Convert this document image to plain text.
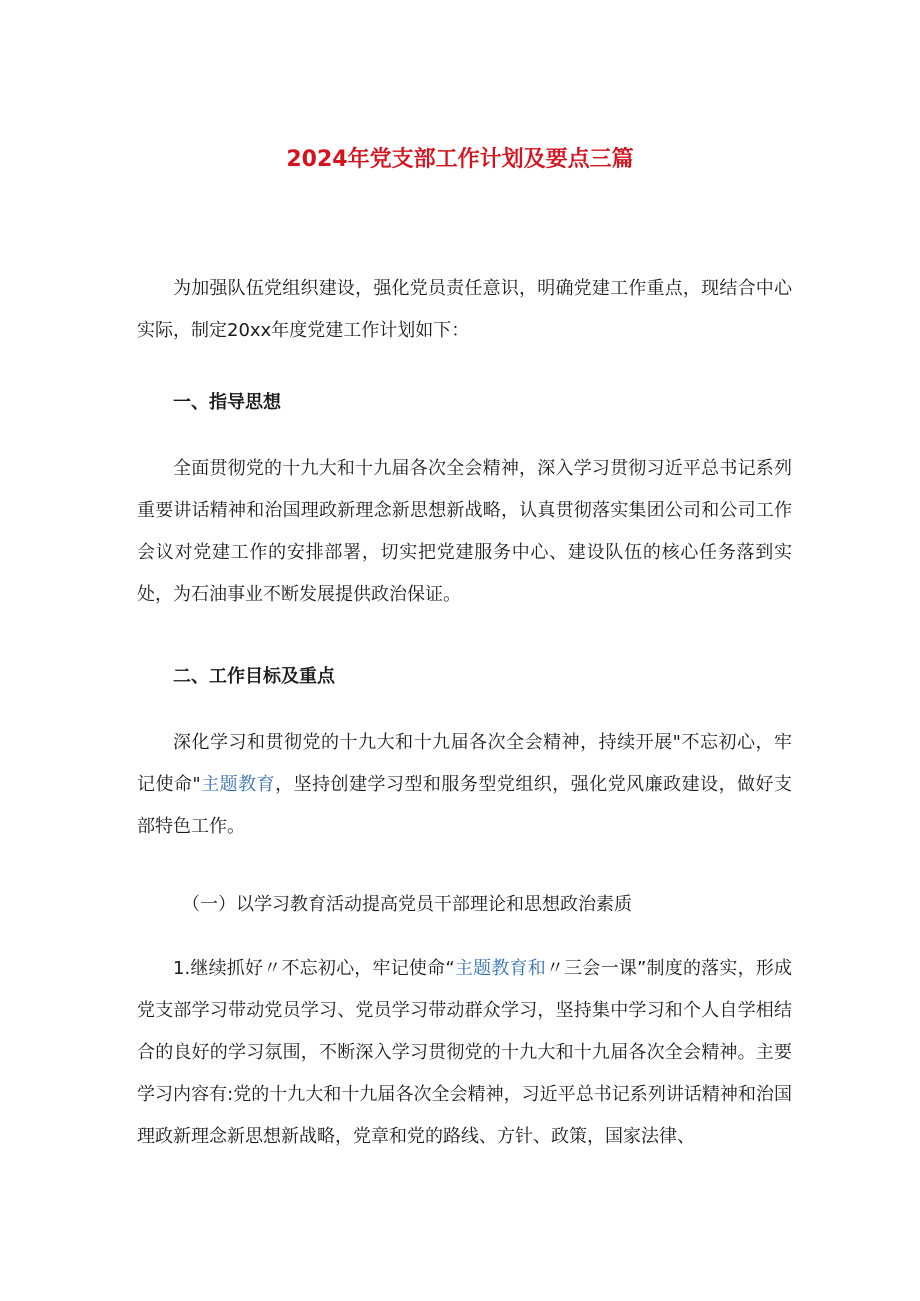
2024年党支部工作计划及要点三篇

为加强队伍党组织建设，强化党员责任意识，明确党建工作重点，现结合中心实际，制定20xx年度党建工作计划如下：

一、指导思想

全面贯彻党的十九大和十九届各次全会精神，深入学习贯彻习近平总书记系列重要讲话精神和治国理政新理念新思想新战略，认真贯彻落实集团公司和公司工作会议对党建工作的安排部署，切实把党建服务中心、建设队伍的核心任务落到实处，为石油事业不断发展提供政治保证。

二、工作目标及重点

深化学习和贯彻党的十九大和十九届各次全会精神，持续开展"不忘初心，牢记使命"主题教育，坚持创建学习型和服务型党组织，强化党风廉政建设，做好支部特色工作。

（一）以学习教育活动提高党员干部理论和思想政治素质

1.继续抓好〃不忘初心，牢记使命“主题教育和〃三会一课”制度的落实，形成党支部学习带动党员学习、党员学习带动群众学习，坚持集中学习和个人自学相结合的良好的学习氛围，不断深入学习贯彻党的十九大和十九届各次全会精神。主要学习内容有:党的十九大和十九届各次全会精神，习近平总书记系列讲话精神和治国理政新理念新思想新战略，党章和党的路线、方针、政策，国家法律、
